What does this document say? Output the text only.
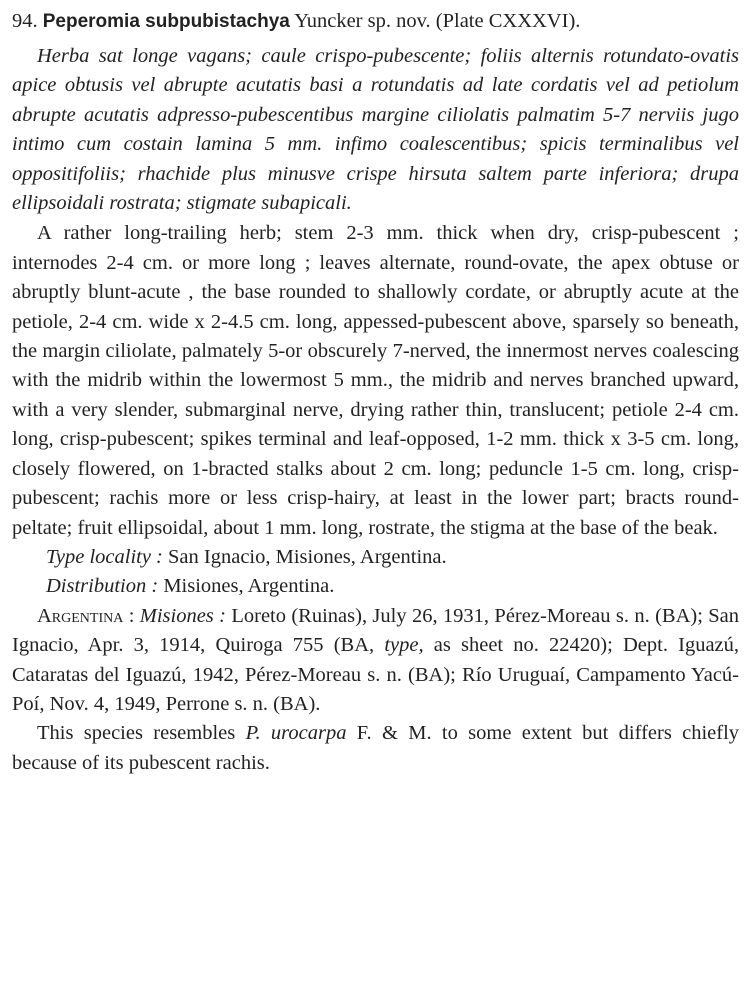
94. Peperomia subpubistachya Yuncker sp. nov. (Plate CXXXVI).

Herba sat longe vagans; caule crispo-pubescente; foliis alternis rotundato-ovatis apice obtusis vel abrupte acutatis basi a rotundatis ad late cordatis vel ad petiolum abrupte acutatis adpresso-pubescentibus margine ciliolatis palmatim 5-7 nerviis jugo intimo cum costain lamina 5 mm. infimo coalescentibus; spicis terminalibus vel oppositifoliis; rhachide plus minusve crispe hirsuta saltem parte inferiora; drupa ellipsoidali rostrata; stigmate subapicali.

A rather long-trailing herb; stem 2-3 mm. thick when dry, crisp-pubescent ; internodes 2-4 cm. or more long ; leaves alternate, round-ovate, the apex obtuse or abruptly blunt-acute , the base rounded to shallowly cordate, or abruptly acute at the petiole, 2-4 cm. wide x 2-4.5 cm. long, appessed-pubescent above, sparsely so beneath, the margin ciliolate, palmately 5-or obscurely 7-nerved, the innermost nerves coalescing with the midrib within the lowermost 5 mm., the midrib and nerves branched upward, with a very slender, submarginal nerve, drying rather thin, translucent; petiole 2-4 cm. long, crisp-pubescent; spikes terminal and leaf-opposed, 1-2 mm. thick x 3-5 cm. long, closely flowered, on 1-bracted stalks about 2 cm. long; peduncle 1-5 cm. long, crisp-pubescent; rachis more or less crisp-hairy, at least in the lower part; bracts round-peltate; fruit ellipsoidal, about 1 mm. long, rostrate, the stigma at the base of the beak.

Type locality : San Ignacio, Misiones, Argentina.

Distribution : Misiones, Argentina.

Argentina : Misiones : Loreto (Ruinas), July 26, 1931, Pérez-Moreau s. n. (BA); San Ignacio, Apr. 3, 1914, Quiroga 755 (BA, type, as sheet no. 22420); Dept. Iguazú, Cataratas del Iguazú, 1942, Pérez-Moreau s. n. (BA); Río Uruguaí, Campamento Yacú-Poí, Nov. 4, 1949, Perrone s. n. (BA).

This species resembles P. urocarpa F. & M. to some extent but differs chiefly because of its pubescent rachis.
